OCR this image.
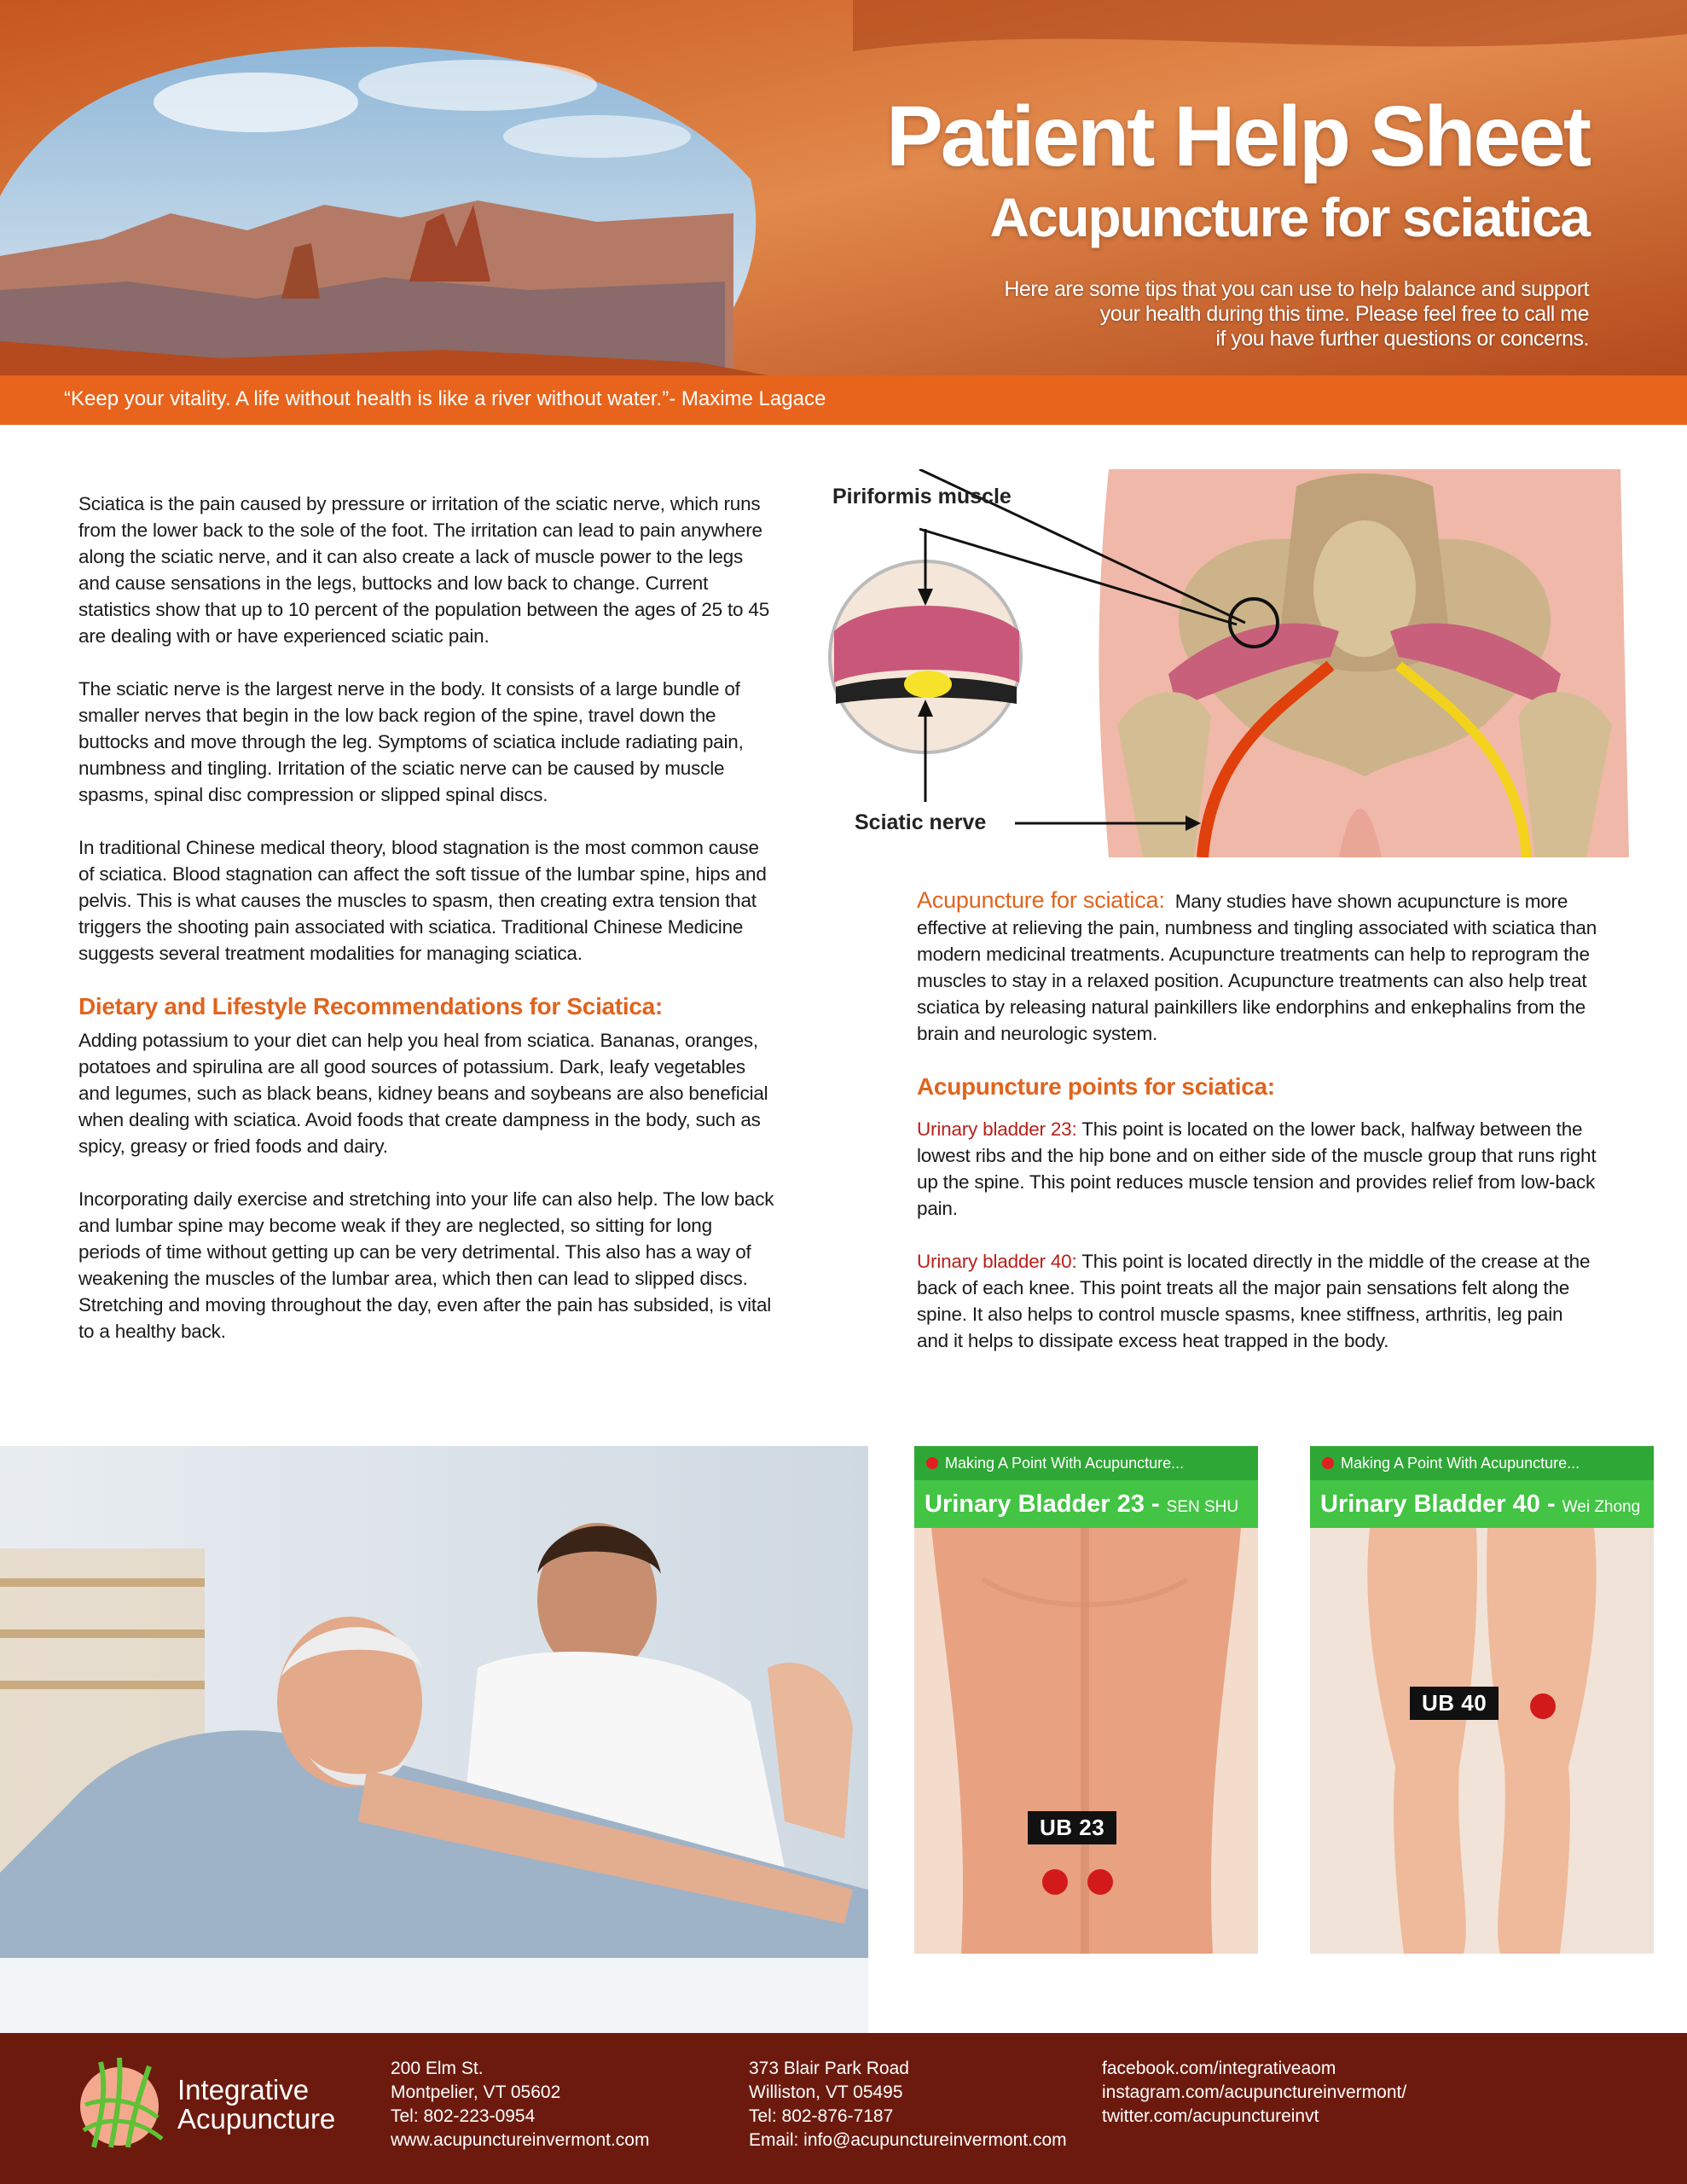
Patient Help Sheet
Acupuncture for sciatica
Here are some tips that you can use to help balance and support
your health during this time. Please feel free to call me
if you have further questions or concerns.
“Keep your vitality. A life without health is like a river without water.”- Maxime Lagace

Sciatica is the pain caused by pressure or irritation of the sciatic nerve, which runs from the lower back to the sole of the foot. The irritation can lead to pain anywhere along the sciatic nerve, and it can also create a lack of muscle power to the legs and cause sensations in the legs, buttocks and low back to change. Current statistics show that up to 10 percent of the population between the ages of 25 to 45 are dealing with or have experienced sciatic pain.

The sciatic nerve is the largest nerve in the body. It consists of a large bundle of smaller nerves that begin in the low back region of the spine, travel down the buttocks and move through the leg. Symptoms of sciatica include radiating pain, numbness and tingling. Irritation of the sciatic nerve can be caused by muscle spasms, spinal disc compression or slipped spinal discs.

In traditional Chinese medical theory, blood stagnation is the most common cause of sciatica. Blood stagnation can affect the soft tissue of the lumbar spine, hips and pelvis. This is what causes the muscles to spasm, then creating extra tension that triggers the shooting pain associated with sciatica. Traditional Chinese Medicine suggests several treatment modalities for managing sciatica.

Dietary and Lifestyle Recommendations for Sciatica:

Adding potassium to your diet can help you heal from sciatica. Bananas, oranges, potatoes and spirulina are all good sources of potassium. Dark, leafy vegetables and legumes, such as black beans, kidney beans and soybeans are also beneficial when dealing with sciatica. Avoid foods that create dampness in the body, such as spicy, greasy or fried foods and dairy.

Incorporating daily exercise and stretching into your life can also help. The low back and lumbar spine may become weak if they are neglected, so sitting for long periods of time without getting up can be very detrimental. This also has a way of weakening the muscles of the lumbar area, which then can lead to slipped discs. Stretching and moving throughout the day, even after the pain has subsided, is vital to a healthy back.

Piriformis muscle
Sciatic nerve

Acupuncture for sciatica: Many studies have shown acupuncture is more effective at relieving the pain, numbness and tingling associated with sciatica than modern medicinal treatments. Acupuncture treatments can help to reprogram the muscles to stay in a relaxed position. Acupuncture treatments can also help treat sciatica by releasing natural painkillers like endorphins and enkephalins from the brain and neurologic system.

Acupuncture points for sciatica:

Urinary bladder 23: This point is located on the lower back, halfway between the lowest ribs and the hip bone and on either side of the muscle group that runs right up the spine. This point reduces muscle tension and provides relief from low-back pain.

Urinary bladder 40: This point is located directly in the middle of the crease at the back of each knee. This point treats all the major pain sensations felt along the spine. It also helps to control muscle spasms, knee stiffness, arthritis, leg pain and it helps to dissipate excess heat trapped in the body.

Making A Point With Acupuncture...
Urinary Bladder 23 - SEN SHU
UB 23
Making A Point With Acupuncture...
Urinary Bladder 40 - Wei Zhong
UB 40
Integrative
Acupuncture
200 Elm St.
Montpelier, VT 05602
Tel: 802-223-0954
www.acupunctureinvermont.com
373 Blair Park Road
Williston, VT 05495
Tel: 802-876-7187
Email: info@acupunctureinvermont.com
facebook.com/integrativeaom
instagram.com/acupunctureinvermont/
twitter.com/acupunctureinvt
